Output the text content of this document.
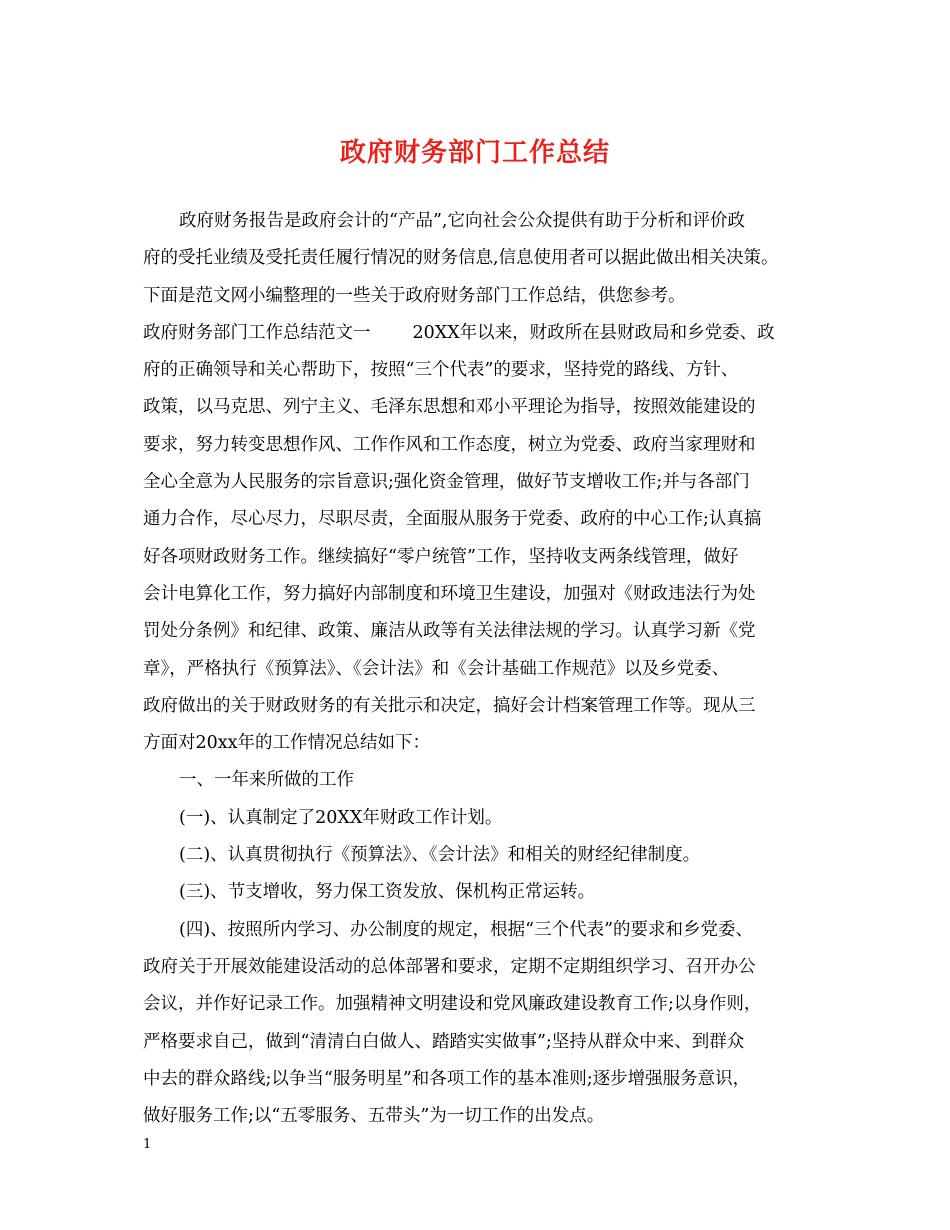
政府财务部门工作总结
政府财务报告是政府会计的“产品”,它向社会公众提供有助于分析和评价政
府的受托业绩及受托责任履行情况的财务信息,信息使用者可以据此做出相关决策。
下面是范文网小编整理的一些关于政府财务部门工作总结，供您参考。
政府财务部门工作总结范文一 20XX年以来，财政所在县财政局和乡党委、政
府的正确领导和关心帮助下，按照“三个代表”的要求，坚持党的路线、方针、
政策，以马克思、列宁主义、毛泽东思想和邓小平理论为指导，按照效能建设的
要求，努力转变思想作风、工作作风和工作态度，树立为党委、政府当家理财和
全心全意为人民服务的宗旨意识;强化资金管理，做好节支增收工作;并与各部门
通力合作，尽心尽力，尽职尽责，全面服从服务于党委、政府的中心工作;认真搞
好各项财政财务工作。继续搞好“零户统管”工作，坚持收支两条线管理，做好
会计电算化工作，努力搞好内部制度和环境卫生建设，加强对《财政违法行为处
罚处分条例》和纪律、政策、廉洁从政等有关法律法规的学习。认真学习新《党
章》，严格执行《预算法》、《会计法》和《会计基础工作规范》以及乡党委、
政府做出的关于财政财务的有关批示和决定，搞好会计档案管理工作等。现从三
方面对20xx年的工作情况总结如下：
一、一年来所做的工作
(一)、认真制定了20XX年财政工作计划。
(二)、认真贯彻执行《预算法》、《会计法》和相关的财经纪律制度。
(三)、节支增收，努力保工资发放、保机构正常运转。
(四)、按照所内学习、办公制度的规定，根据“三个代表”的要求和乡党委、
政府关于开展效能建设活动的总体部署和要求，定期不定期组织学习、召开办公
会议，并作好记录工作。加强精神文明建设和党风廉政建设教育工作;以身作则，
严格要求自己，做到“清清白白做人、踏踏实实做事”;坚持从群众中来、到群众
中去的群众路线;以争当“服务明星”和各项工作的基本准则;逐步增强服务意识，
做好服务工作;以“五零服务、五带头”为一切工作的出发点。
1
